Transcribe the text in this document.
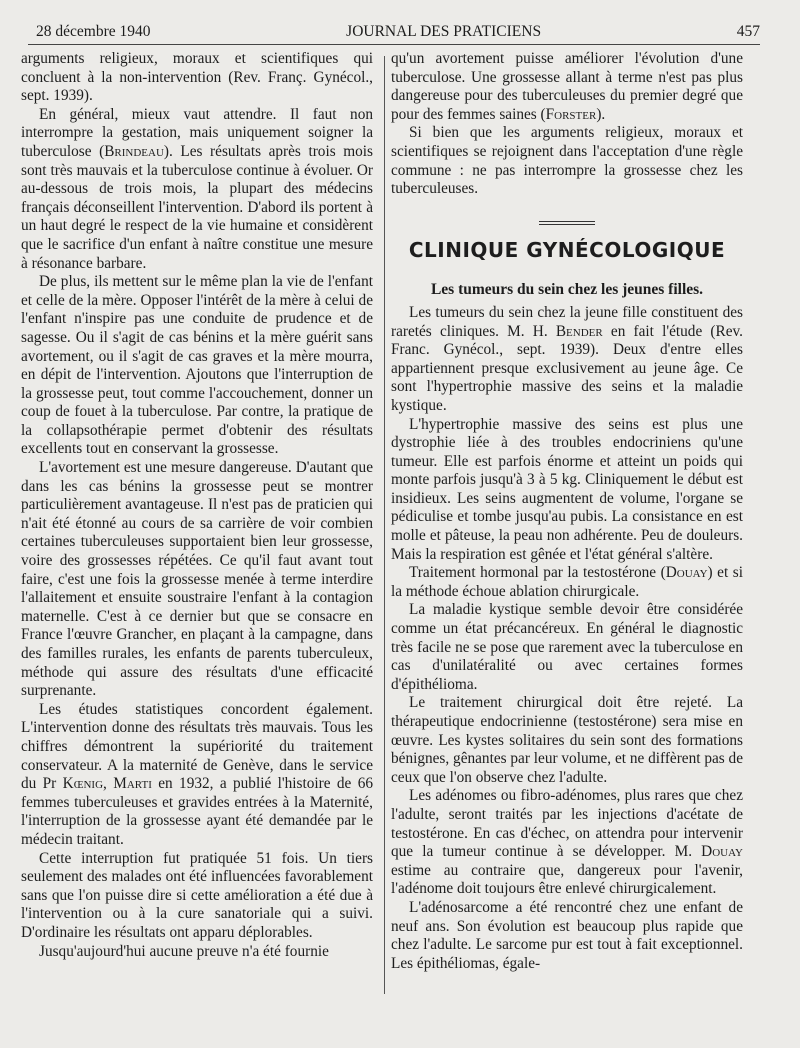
28 décembre 1940	JOURNAL DES PRATICIENS	457

arguments religieux, moraux et scientifiques qui concluent à la non-intervention (Rev. Franç. Gynécol., sept. 1939).

En général, mieux vaut attendre. Il faut non interrompre la gestation, mais uniquement soigner la tuberculose (Brindeau). Les résultats après trois mois sont très mauvais et la tuberculose continue à évoluer. Or au-dessous de trois mois, la plupart des médecins français déconseillent l'intervention. D'abord ils portent à un haut degré le respect de la vie humaine et considèrent que le sacrifice d'un enfant à naître constitue une mesure à résonance barbare.

De plus, ils mettent sur le même plan la vie de l'enfant et celle de la mère. Opposer l'intérêt de la mère à celui de l'enfant n'inspire pas une conduite de prudence et de sagesse. Ou il s'agit de cas bénins et la mère guérit sans avortement, ou il s'agit de cas graves et la mère mourra, en dépit de l'intervention. Ajoutons que l'interruption de la grossesse peut, tout comme l'accouchement, donner un coup de fouet à la tuberculose. Par contre, la pratique de la collapsothérapie permet d'obtenir des résultats excellents tout en conservant la grossesse.

L'avortement est une mesure dangereuse. D'autant que dans les cas bénins la grossesse peut se montrer particulièrement avantageuse. Il n'est pas de praticien qui n'ait été étonné au cours de sa carrière de voir combien certaines tuberculeuses supportaient bien leur grossesse, voire des grossesses répétées. Ce qu'il faut avant tout faire, c'est une fois la grossesse menée à terme interdire l'allaitement et ensuite soustraire l'enfant à la contagion maternelle. C'est à ce dernier but que se consacre en France l'œuvre Grancher, en plaçant à la campagne, dans des familles rurales, les enfants de parents tuberculeux, méthode qui assure des résultats d'une efficacité surprenante.

Les études statistiques concordent également. L'intervention donne des résultats très mauvais. Tous les chiffres démontrent la supériorité du traitement conservateur. A la maternité de Genève, dans le service du Pr Kœnig, Marti en 1932, a publié l'histoire de 66 femmes tuberculeuses et gravides entrées à la Maternité, l'interruption de la grossesse ayant été demandée par le médecin traitant.

Cette interruption fut pratiquée 51 fois. Un tiers seulement des malades ont été influencées favorablement sans que l'on puisse dire si cette amélioration a été due à l'intervention ou à la cure sanatoriale qui a suivi. D'ordinaire les résultats ont apparu déplorables.

Jusqu'aujourd'hui aucune preuve n'a été fournie

qu'un avortement puisse améliorer l'évolution d'une tuberculose. Une grossesse allant à terme n'est pas plus dangereuse pour des tuberculeuses du premier degré que pour des femmes saines (Forster).

Si bien que les arguments religieux, moraux et scientifiques se rejoignent dans l'acceptation d'une règle commune : ne pas interrompre la grossesse chez les tuberculeuses.

CLINIQUE GYNÉCOLOGIQUE

Les tumeurs du sein chez les jeunes filles.

Les tumeurs du sein chez la jeune fille constituent des raretés cliniques. M. H. Bender en fait l'étude (Rev. Franc. Gynécol., sept. 1939). Deux d'entre elles appartiennent presque exclusivement au jeune âge. Ce sont l'hypertrophie massive des seins et la maladie kystique.

L'hypertrophie massive des seins est plus une dystrophie liée à des troubles endocriniens qu'une tumeur. Elle est parfois énorme et atteint un poids qui monte parfois jusqu'à 3 à 5 kg. Cliniquement le début est insidieux. Les seins augmentent de volume, l'organe se pédiculise et tombe jusqu'au pubis. La consistance en est molle et pâteuse, la peau non adhérente. Peu de douleurs. Mais la respiration est gênée et l'état général s'altère.

Traitement hormonal par la testostérone (Douay) et si la méthode échoue ablation chirurgicale.

La maladie kystique semble devoir être considérée comme un état précancéreux. En général le diagnostic très facile ne se pose que rarement avec la tuberculose en cas d'unilatéralité ou avec certaines formes d'épithélioma.

Le traitement chirurgical doit être rejeté. La thérapeutique endocrinienne (testostérone) sera mise en œuvre. Les kystes solitaires du sein sont des formations bénignes, gênantes par leur volume, et ne diffèrent pas de ceux que l'on observe chez l'adulte.

Les adénomes ou fibro-adénomes, plus rares que chez l'adulte, seront traités par les injections d'acétate de testostérone. En cas d'échec, on attendra pour intervenir que la tumeur continue à se développer. M. Douay estime au contraire que, dangereux pour l'avenir, l'adénome doit toujours être enlevé chirurgicalement.

L'adénosarcome a été rencontré chez une enfant de neuf ans. Son évolution est beaucoup plus rapide que chez l'adulte. Le sarcome pur est tout à fait exceptionnel. Les épithéliomas, égale-
